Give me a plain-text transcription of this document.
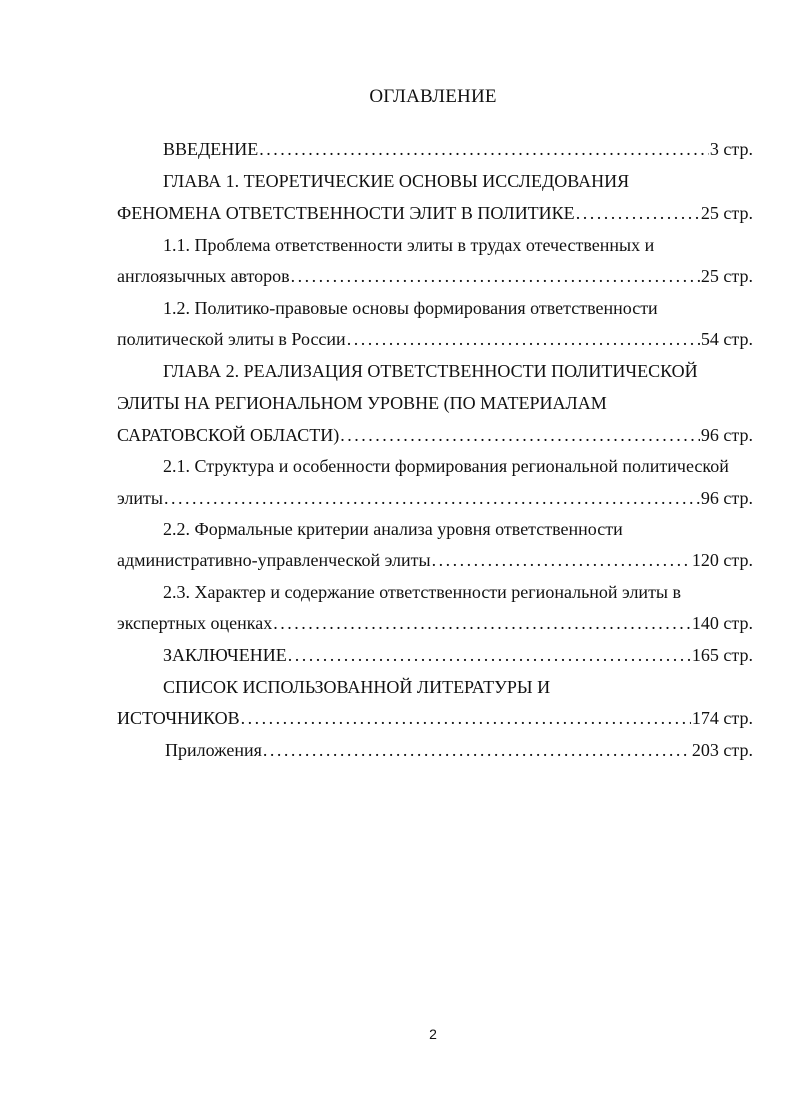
ОГЛАВЛЕНИЕ
ВВЕДЕНИЕ . . .	3 стр.
ГЛАВА 1. ТЕОРЕТИЧЕСКИЕ ОСНОВЫ ИССЛЕДОВАНИЯ
ФЕНОМЕНА ОТВЕТСТВЕННОСТИ ЭЛИТ В ПОЛИТИКЕ . . .	25 стр.
1.1. Проблема ответственности элиты в трудах отечественных и
англоязычных авторов . . .	25 стр.
1.2. Политико-правовые основы формирования ответственности
политической элиты в России . . .	54 стр.
ГЛАВА 2. РЕАЛИЗАЦИЯ ОТВЕТСТВЕННОСТИ ПОЛИТИЧЕСКОЙ
ЭЛИТЫ НА РЕГИОНАЛЬНОМ УРОВНЕ (ПО МАТЕРИАЛАМ
САРАТОВСКОЙ ОБЛАСТИ) . . .	96 стр.
2.1. Структура и особенности формирования региональной политической
элиты . . .	96 стр.
2.2. Формальные критерии анализа уровня ответственности
административно-управленческой элиты . . .	120 стр.
2.3. Характер и содержание ответственности региональной элиты в
экспертных оценках . . .	140 стр.
ЗАКЛЮЧЕНИЕ . . .	165 стр.
СПИСОК ИСПОЛЬЗОВАННОЙ ЛИТЕРАТУРЫ И
ИСТОЧНИКОВ . . .	174 стр.
Приложения . . .	203 стр.
2
